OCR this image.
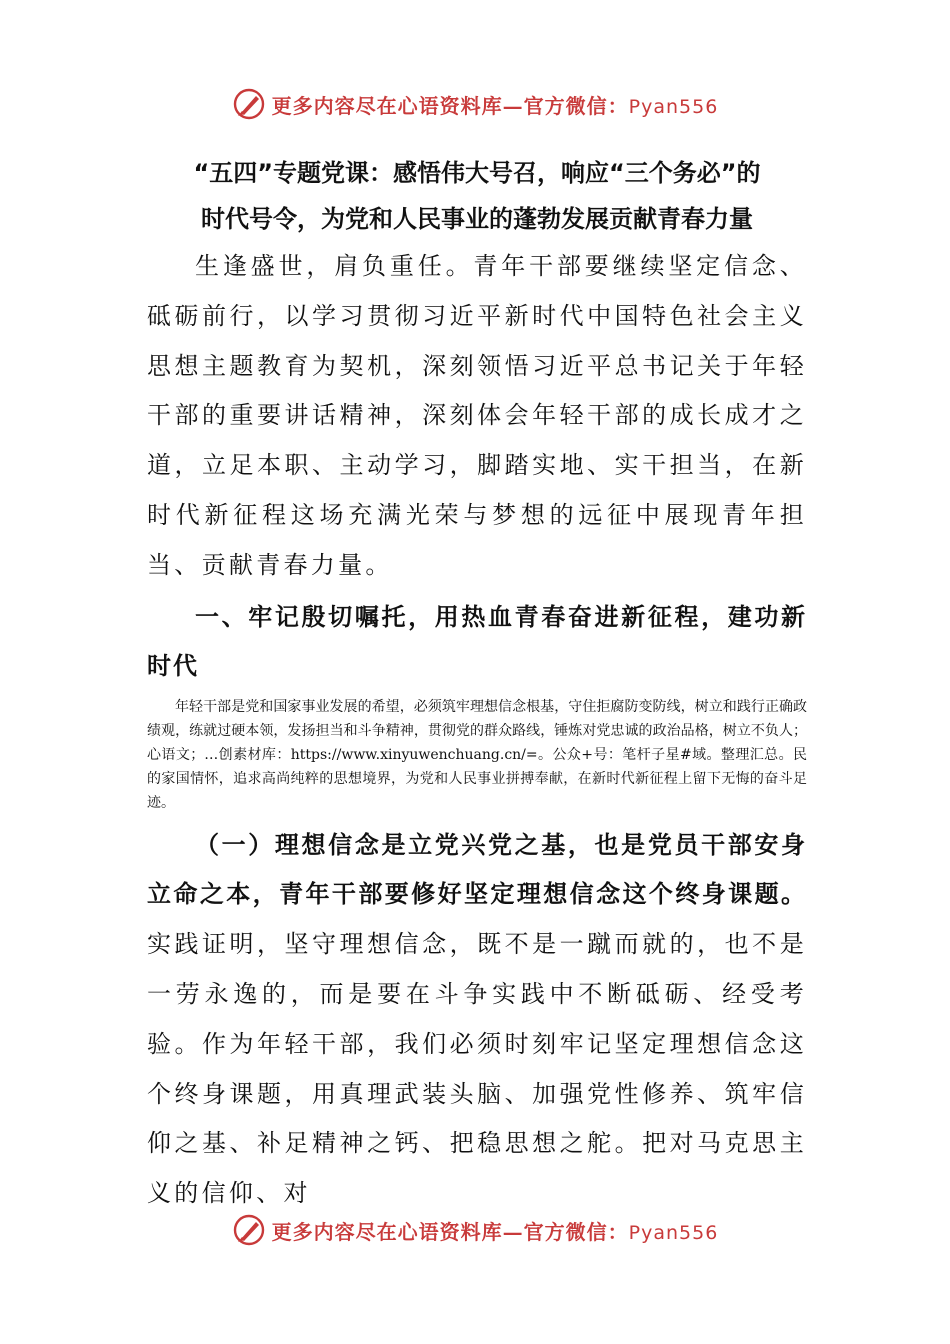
更多内容尽在心语资料库—官方微信：Pyan556

“五四”专题党课：感悟伟大号召，响应“三个务必”的

时代号令，为党和人民事业的蓬勃发展贡献青春力量

生逢盛世，肩负重任。青年干部要继续坚定信念、砥砺前行，以学习贯彻习近平新时代中国特色社会主义思想主题教育为契机，深刻领悟习近平总书记关于年轻干部的重要讲话精神，深刻体会年轻干部的成长成才之道，立足本职、主动学习，脚踏实地、实干担当，在新时代新征程这场充满光荣与梦想的远征中展现青年担当、贡献青春力量。

一、牢记殷切嘱托，用热血青春奋进新征程，建功新时代

年轻干部是党和国家事业发展的希望，必须筑牢理想信念根基，守住拒腐防变防线，树立和践行正确政绩观，练就过硬本领，发扬担当和斗争精神，贯彻党的群众路线，锤炼对党忠诚的政治品格，树立不负人；心语文；…创素材库：https://www.xinyuwenchuang.cn/=。公众+号：笔杆子星#域。整理汇总。民的家国情怀，追求高尚纯粹的思想境界，为党和人民事业拼搏奉献，在新时代新征程上留下无悔的奋斗足迹。

（一）理想信念是立党兴党之基，也是党员干部安身立命之本，青年干部要修好坚定理想信念这个终身课题。实践证明，坚守理想信念，既不是一蹴而就的，也不是一劳永逸的，而是要在斗争实践中不断砥砺、经受考验。作为年轻干部，我们必须时刻牢记坚定理想信念这个终身课题，用真理武装头脑、加强党性修养、筑牢信仰之基、补足精神之钙、把稳思想之舵。把对马克思主义的信仰、对

更多内容尽在心语资料库—官方微信：Pyan556
